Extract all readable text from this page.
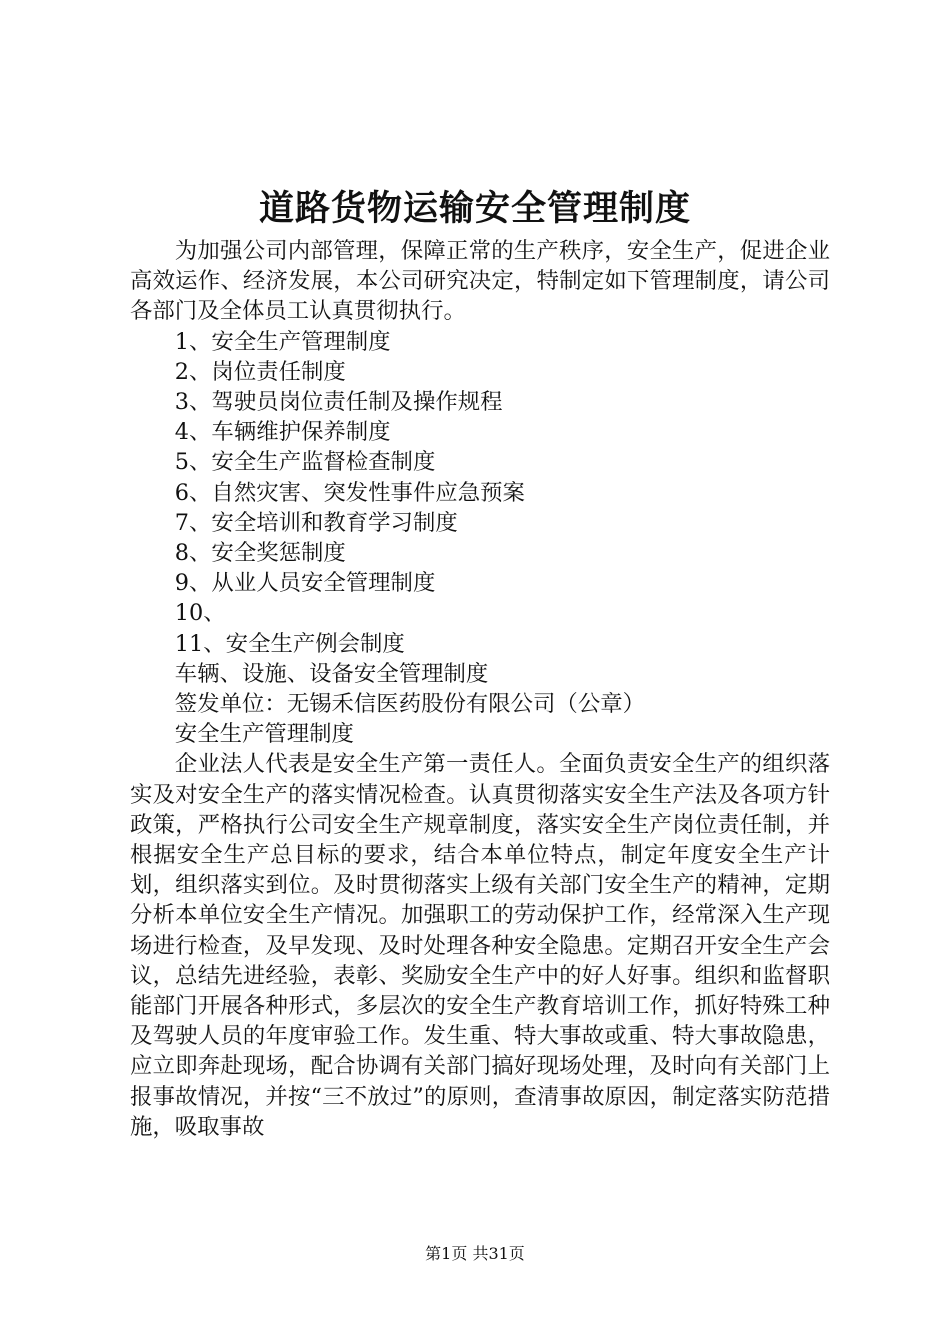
道路货物运输安全管理制度

为加强公司内部管理，保障正常的生产秩序，安全生产，促进企业高效运作、经济发展，本公司研究决定，特制定如下管理制度，请公司各部门及全体员工认真贯彻执行。

1、安全生产管理制度
2、岗位责任制度
3、驾驶员岗位责任制及操作规程
4、车辆维护保养制度
5、安全生产监督检查制度
6、自然灾害、突发性事件应急预案
7、安全培训和教育学习制度
8、安全奖惩制度
9、从业人员安全管理制度
10、
11、安全生产例会制度

车辆、设施、设备安全管理制度

签发单位：无锡禾信医药股份有限公司（公章）

安全生产管理制度

企业法人代表是安全生产第一责任人。全面负责安全生产的组织落实及对安全生产的落实情况检查。认真贯彻落实安全生产法及各项方针政策，严格执行公司安全生产规章制度，落实安全生产岗位责任制，并根据安全生产总目标的要求，结合本单位特点，制定年度安全生产计划，组织落实到位。及时贯彻落实上级有关部门安全生产的精神，定期分析本单位安全生产情况。加强职工的劳动保护工作，经常深入生产现场进行检查，及早发现、及时处理各种安全隐患。定期召开安全生产会议，总结先进经验，表彰、奖励安全生产中的好人好事。组织和监督职能部门开展各种形式，多层次的安全生产教育培训工作，抓好特殊工种及驾驶人员的年度审验工作。发生重、特大事故或重、特大事故隐患，应立即奔赴现场，配合协调有关部门搞好现场处理，及时向有关部门上报事故情况，并按“三不放过”的原则，查清事故原因，制定落实防范措施，吸取事故

第1页 共31页
